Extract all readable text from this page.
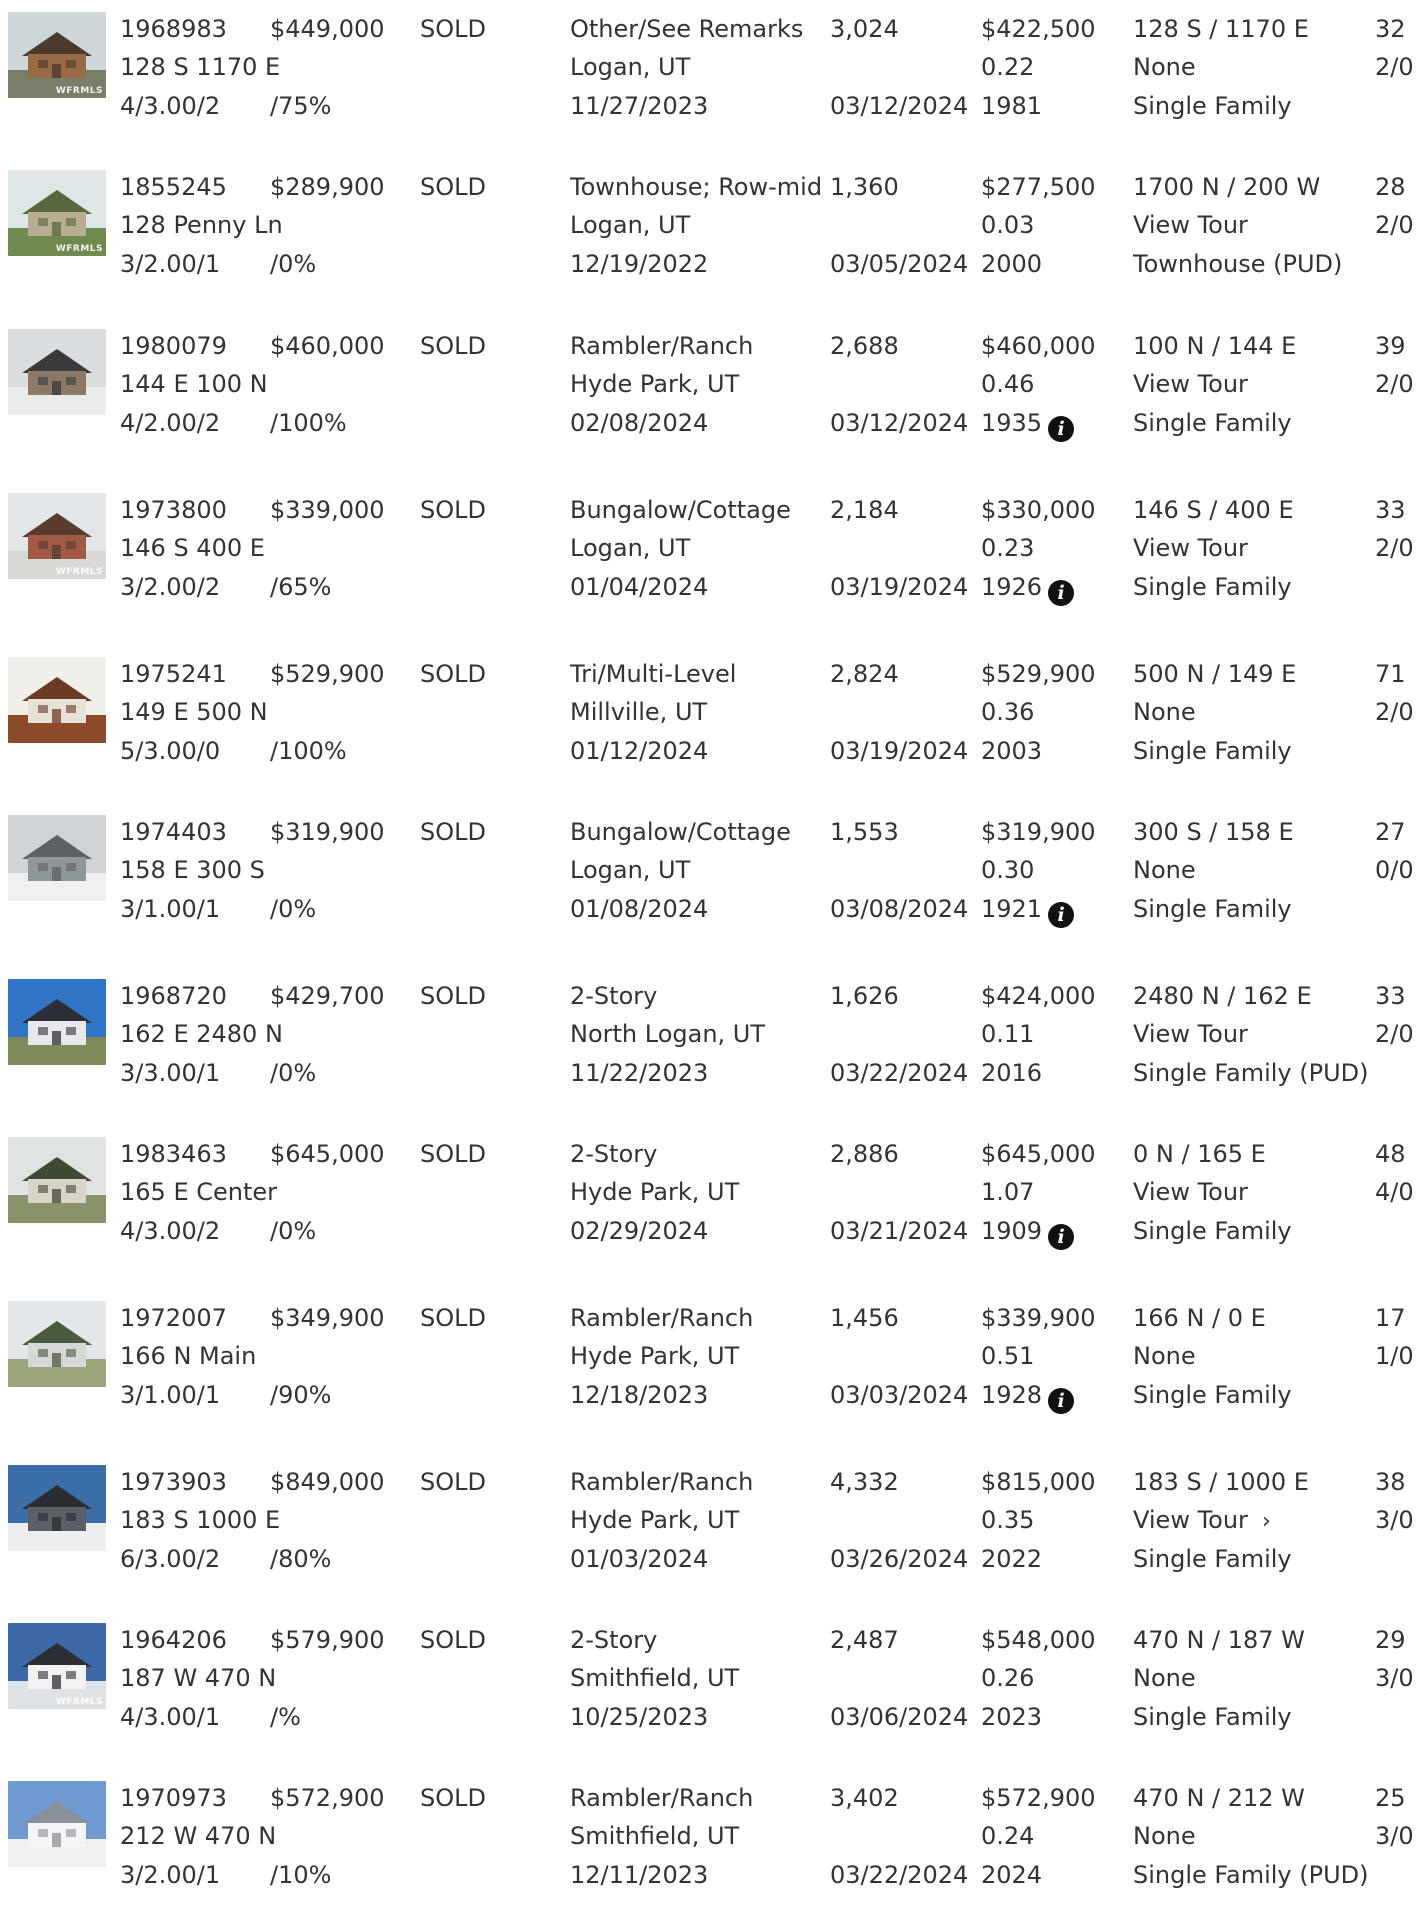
WFRMLS
1968983 $449,000 SOLD	Other/See Remarks	3,024	$422,500 128 S / 1170 E	32
128 S 1170 E	Logan, UT	0.22	None	2/0
4/3.00/2 /75%	11/27/2023	03/12/2024 1981	Single Family
WFRMLS
1855245 $289,900 SOLD	Townhouse; Row-mid 1,360	$277,500 1700 N / 200 W 28
128 Penny Ln	Logan, UT	0.03	View Tour	2/0
3/2.00/1 /0%	12/19/2022	03/05/2024 2000	Townhouse (PUD)
1980079 $460,000 SOLD	Rambler/Ranch	2,688	$460,000 100 N / 144 E	39
144 E 100 N	Hyde Park, UT	0.46	View Tour	2/0
4/2.00/2 /100%	02/08/2024	03/12/2024 1935 i	Single Family
WFRMLS
1973800 $339,000 SOLD	Bungalow/Cottage	2,184	$330,000 146 S / 400 E	33
146 S 400 E	Logan, UT	0.23	View Tour	2/0
3/2.00/2 /65%	01/04/2024	03/19/2024 1926 i	Single Family
1975241 $529,900 SOLD	Tri/Multi-Level	2,824	$529,900 500 N / 149 E	71
149 E 500 N	Millville, UT	0.36	None	2/0
5/3.00/0 /100%	01/12/2024	03/19/2024 2003	Single Family
1974403 $319,900 SOLD	Bungalow/Cottage	1,553	$319,900 300 S / 158 E	27
158 E 300 S	Logan, UT	0.30	None	0/0
3/1.00/1 /0%	01/08/2024	03/08/2024 1921 i	Single Family
1968720 $429,700 SOLD	2-Story	1,626	$424,000 2480 N / 162 E	33
162 E 2480 N	North Logan, UT	0.11	View Tour	2/0
3/3.00/1 /0%	11/22/2023	03/22/2024 2016	Single Family (PUD)
1983463 $645,000 SOLD	2-Story	2,886	$645,000 0 N / 165 E	48
165 E Center	Hyde Park, UT	1.07	View Tour	4/0
4/3.00/2 /0%	02/29/2024	03/21/2024 1909 i	Single Family
1972007 $349,900 SOLD	Rambler/Ranch	1,456	$339,900 166 N / 0 E	17
166 N Main	Hyde Park, UT	0.51	None	1/0
3/1.00/1 /90%	12/18/2023	03/03/2024 1928 i	Single Family
1973903 $849,000 SOLD	Rambler/Ranch	4,332	$815,000 183 S / 1000 E	38
183 S 1000 E	Hyde Park, UT	0.35	View Tour ›	3/0
6/3.00/2 /80%	01/03/2024	03/26/2024 2022	Single Family
WFRMLS
1964206 $579,900 SOLD	2-Story	2,487	$548,000 470 N / 187 W	29
187 W 470 N	Smithfield, UT	0.26	None	3/0
4/3.00/1 /%	10/25/2023	03/06/2024 2023	Single Family
1970973 $572,900 SOLD	Rambler/Ranch	3,402	$572,900 470 N / 212 W	25
212 W 470 N	Smithfield, UT	0.24	None	3/0
3/2.00/1 /10%	12/11/2023	03/22/2024 2024	Single Family (PUD)
